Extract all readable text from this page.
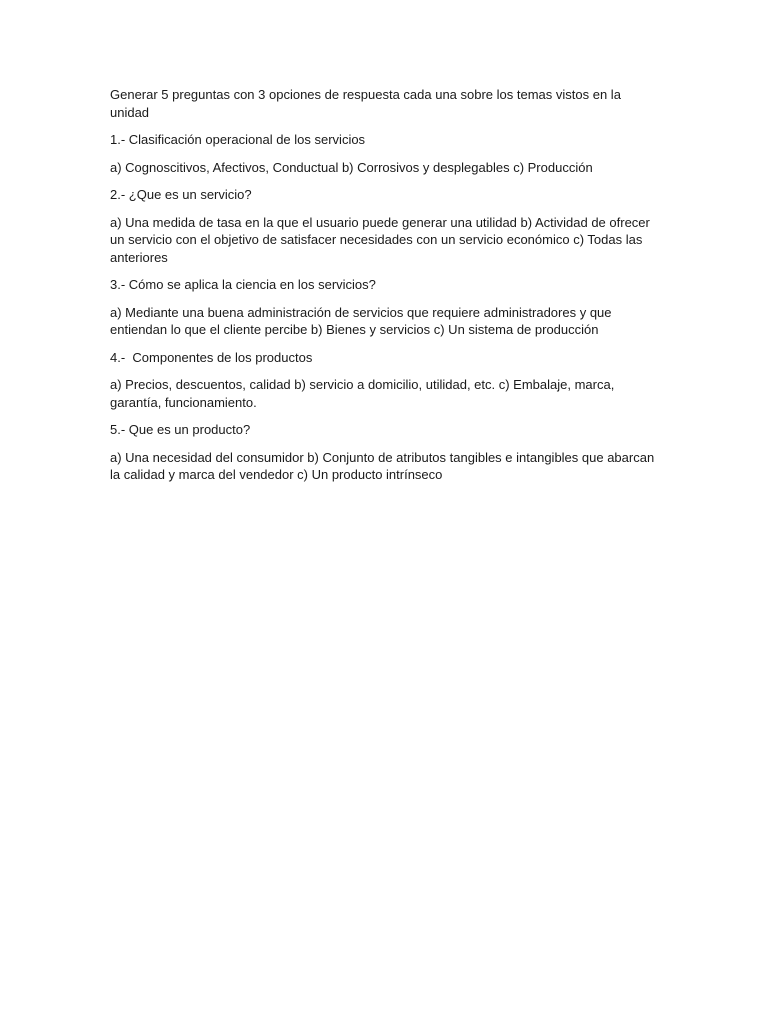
Generar 5 preguntas con 3 opciones de respuesta cada una sobre los temas vistos en la unidad

1.- Clasificación operacional de los servicios

a) Cognoscitivos, Afectivos, Conductual b) Corrosivos y desplegables c) Producción

2.- ¿Que es un servicio?

a) Una medida de tasa en la que el usuario puede generar una utilidad b) Actividad de ofrecer un servicio con el objetivo de satisfacer necesidades con un servicio económico c) Todas las anteriores

3.- Cómo se aplica la ciencia en los servicios?

a) Mediante una buena administración de servicios que requiere administradores y que entiendan lo que el cliente percibe b) Bienes y servicios c) Un sistema de producción

4.-  Componentes de los productos

a) Precios, descuentos, calidad b) servicio a domicilio, utilidad, etc. c) Embalaje, marca, garantía, funcionamiento.

5.- Que es un producto?

a) Una necesidad del consumidor b) Conjunto de atributos tangibles e intangibles que abarcan la calidad y marca del vendedor c) Un producto intrínseco
